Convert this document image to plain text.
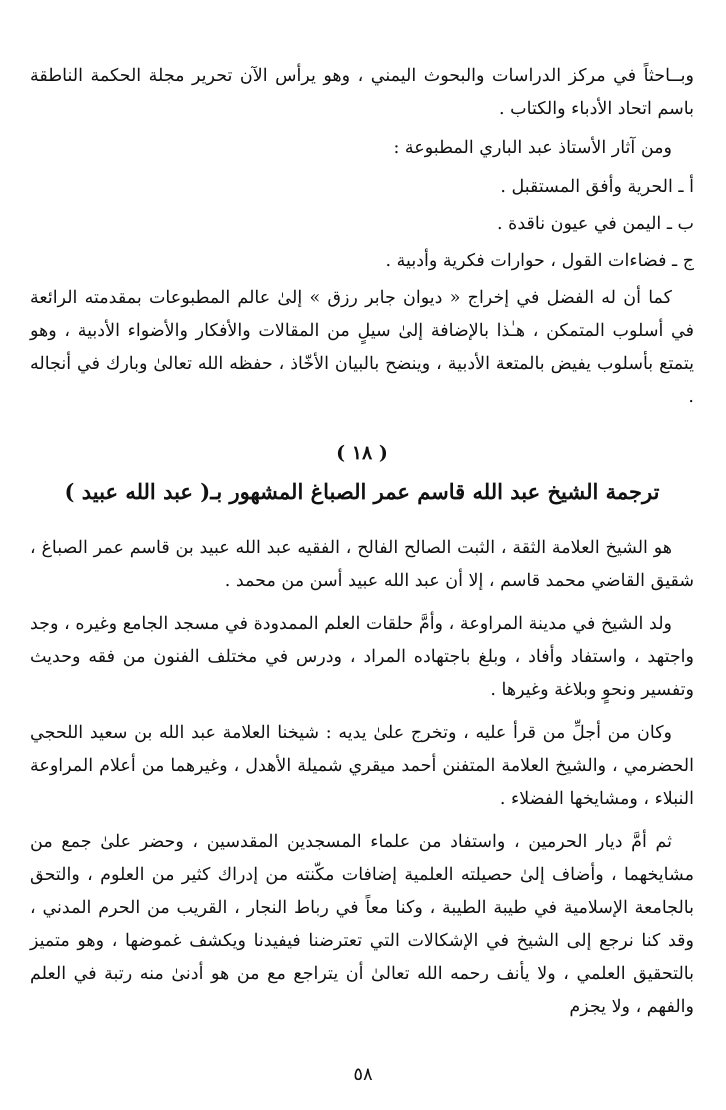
وبــاحثاً في مركز الدراسات والبحوث اليمني ، وهو يرأس الآن تحرير مجلة الحكمة الناطقة باسم اتحاد الأدباء والكتاب .

ومن آثار الأستاذ عبد الباري المطبوعة :

أ ـ الحرية وأفق المستقبل .
ب ـ اليمن في عيون ناقدة .
ج ـ فضاءات القول ، حوارات فكرية وأدبية .

كما أن له الفضل في إخراج « ديوان جابر رزق » إلىٰ عالم المطبوعات بمقدمته الرائعة في أسلوب المتمكن ، هـٰذا بالإضافة إلىٰ سيلٍ من المقالات والأفكار والأضواء الأدبية ، وهو يتمتع بأسلوب يفيض بالمتعة الأدبية ، وينضح بالبيان الأخّاذ ، حفظه الله تعالىٰ وبارك في أنجاله .

( ١٨ )
ترجمة الشيخ عبد الله قاسم عمر الصباغ المشهور بـ( عبد الله عبيد )

هو الشيخ العلامة الثقة ، الثبت الصالح الفالح ، الفقيه عبد الله عبيد بن قاسم عمر الصباغ ، شقيق القاضي محمد قاسم ، إلا أن عبد الله عبيد أسن من محمد .

ولد الشيخ في مدينة المراوعة ، وأمَّ حلقات العلم الممدودة في مسجد الجامع وغيره ، وجد واجتهد ، واستفاد وأفاد ، وبلغ باجتهاده المراد ، ودرس في مختلف الفنون من فقه وحديث وتفسير ونحوٍ وبلاغة وغيرها .

وكان من أجلِّ من قرأ عليه ، وتخرج علىٰ يديه : شيخنا العلامة عبد الله بن سعيد اللحجي الحضرمي ، والشيخ العلامة المتفنن أحمد ميقري شميلة الأهدل ، وغيرهما من أعلام المراوعة النبلاء ، ومشايخها الفضلاء .

ثم أمَّ ديار الحرمين ، واستفاد من علماء المسجدين المقدسين ، وحضر علىٰ جمع من مشايخهما ، وأضاف إلىٰ حصيلته العلمية إضافات مكّنته من إدراك كثير من العلوم ، والتحق بالجامعة الإسلامية في طيبة الطيبة ، وكنا معاً في رباط النجار ، القريب من الحرم المدني ، وقد كنا نرجع إلى الشيخ في الإشكالات التي تعترضنا فيفيدنا ويكشف غموضها ، وهو متميز بالتحقيق العلمي ، ولا يأنف رحمه الله تعالىٰ أن يتراجع مع من هو أدنىٰ منه رتبة في العلم والفهم ، ولا يجزم

٥٨
